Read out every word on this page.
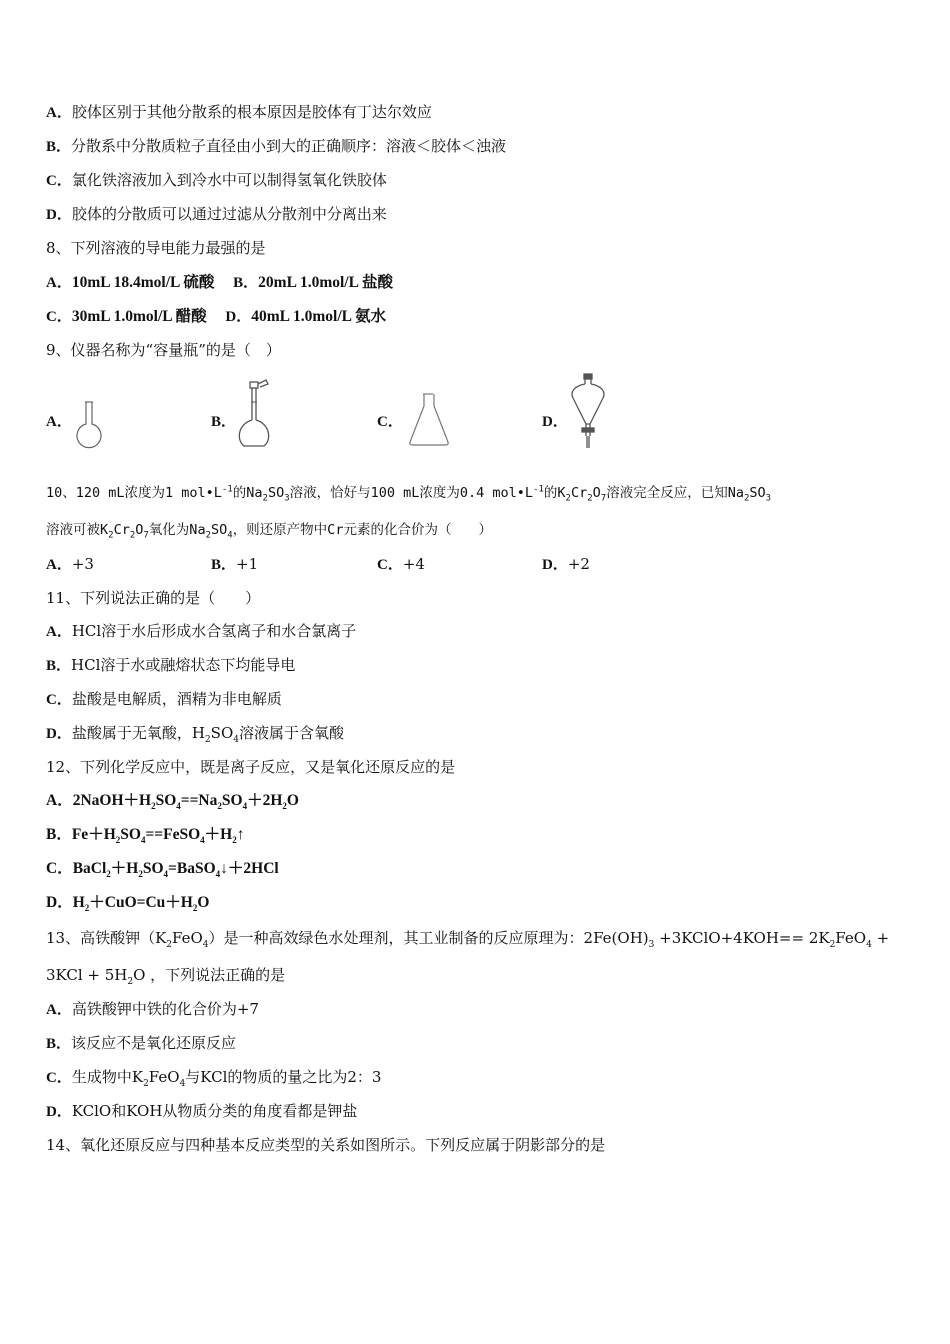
A．胶体区别于其他分散系的根本原因是胶体有丁达尔效应
B．分散系中分散质粒子直径由小到大的正确顺序：溶液＜胶体＜浊液
C．氯化铁溶液加入到冷水中可以制得氢氧化铁胶体
D．胶体的分散质可以通过过滤从分散剂中分离出来
8、下列溶液的导电能力最强的是
A．10mL 18.4mol/L 硫酸 B．20mL 1.0mol/L 盐酸
C．30mL 1.0mol/L 醋酸 D．40mL 1.0mol/L 氨水
9、仪器名称为“容量瓶”的是（　）
A．	B．	C．	D．
10、120 mL浓度为1 $mol•L^{-1}$的$Na_2SO_3$溶液，恰好与100 mL浓度为0.4 $mol•L^{-1}$的$K_2Cr_2O_7$溶液完全反应，已知$Na_2SO_3$
溶液可被$K_2Cr_2O_7$氧化为$Na_2SO_4$，则还原产物中Cr元素的化合价为（　　）
A．+3	B．+1	C．+4	D．+2
11、下列说法正确的是（　　）
A．HCl溶于水后形成水合氢离子和水合氯离子
B．HCl溶于水或融熔状态下均能导电
C．盐酸是电解质，酒精为非电解质
D．盐酸属于无氧酸，$H_2SO_4$溶液属于含氧酸
12、下列化学反应中，既是离子反应，又是氧化还原反应的是
A．$2NaOH+H_2SO_4==Na_2SO_4+2H_2O$
B．$Fe+H_2SO_4==FeSO_4+H_2↑$
C．$BaCl_2+H_2SO_4=BaSO_4↓+2HCl$
D．$H_2+CuO=Cu+H_2O$
13、高铁酸钾$(K_2FeO_4)$是一种高效绿色水处理剂，其工业制备的反应原理为：$2Fe(OH)_3$ +3KClO+4KOH== $2K_2FeO_4$ +
$3KCl + 5H_2O$ ，下列说法正确的是
A．高铁酸钾中铁的化合价为+7
B．该反应不是氧化还原反应
C．生成物中$K_2FeO_4$与KCl的物质的量之比为2：3
D．KClO和KOH从物质分类的角度看都是钾盐
14、氧化还原反应与四种基本反应类型的关系如图所示。下列反应属于阴影部分的是
